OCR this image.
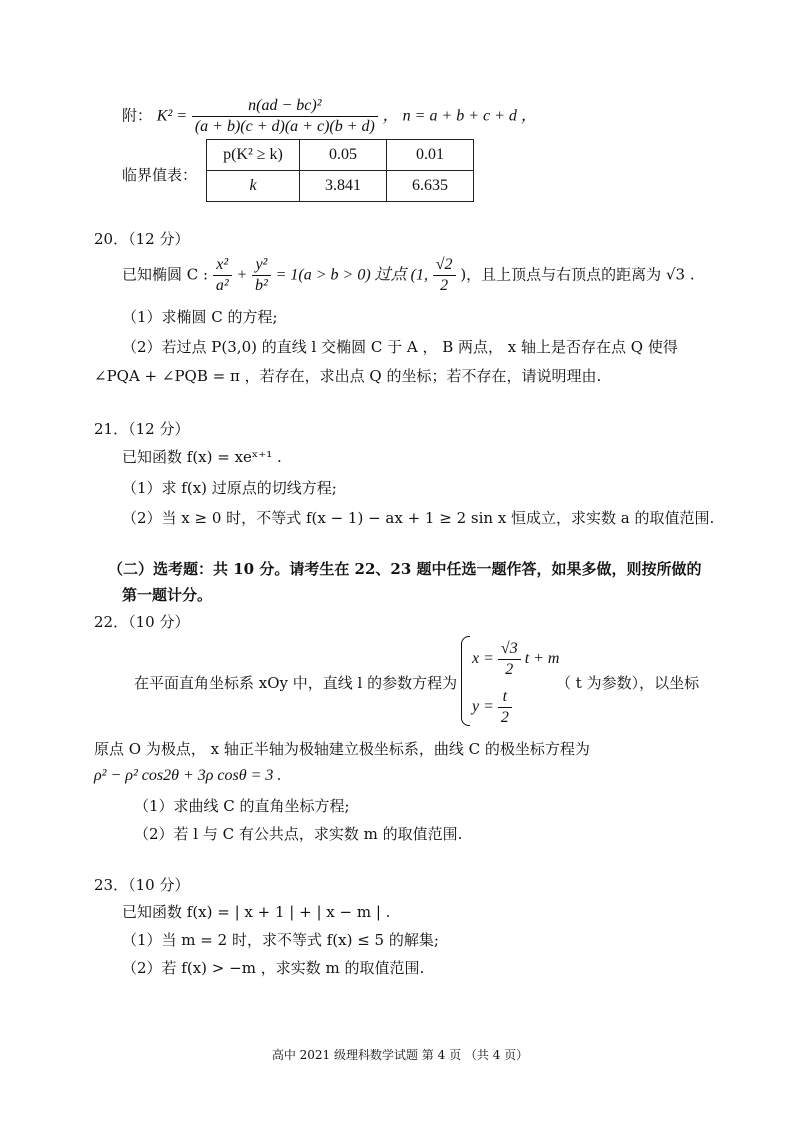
附： $K^2 = \frac{\text{n(ad − bc)²}}{(a + b)(c + d)(a + c)(b + d)}$ ， n = a + b + c + d ，
临界值表：
p(K² ≥ k)	0.05	0.01
k	3.841	6.635
20．（12 分）
已知椭圆 C : $\frac{\text{x²}}{\text{a²}} + \frac{\text{y²}}{\text{b²}} = 1(a > b > 0)$ 过点 (1, $\frac{√2}{2}$ )，且上顶点与右顶点的距离为 √3 .
（1）求椭圆 C 的方程;
（2）若过点 P(3,0) 的直线 l 交椭圆 C 于 A ， B 两点， x 轴上是否存在点 Q 使得
∠PQA + ∠PQB = π ，若存在，求出点 Q 的坐标；若不存在，请说明理由.
21．（12 分）
已知函数 f(x) = xeˣ⁺¹ .
（1）求 f(x) 过原点的切线方程;
（2）当 x ≥ 0 时，不等式 f(x − 1) − ax + 1 ≥ 2 sin x 恒成立，求实数 a 的取值范围.
（二）选考题：共 10 分。请考生在 22、23 题中任选一题作答，如果多做，则按所做的
第一题计分。
22．（10 分）
在平面直角坐标系 xOy 中，直线 l 的参数方程为
$x = \frac{√3}{2}$ t + m
$y = \frac{t}{2}$
（ t 为参数），以坐标
原点 O 为极点， x 轴正半轴为极轴建立极坐标系，曲线 C 的极坐标方程为
ρ² − ρ² cos2θ + 3ρ cosθ = 3 .
（1）求曲线 C 的直角坐标方程;
（2）若 l 与 C 有公共点，求实数 m 的取值范围.
23．（10 分）
已知函数 f(x) = | x + 1 | + | x − m | .
（1）当 m = 2 时，求不等式 f(x) ≤ 5 的解集;
（2）若 f(x) > −m ，求实数 m 的取值范围.
高中 2021 级理科数学试题 第 4 页 （共 4 页）
